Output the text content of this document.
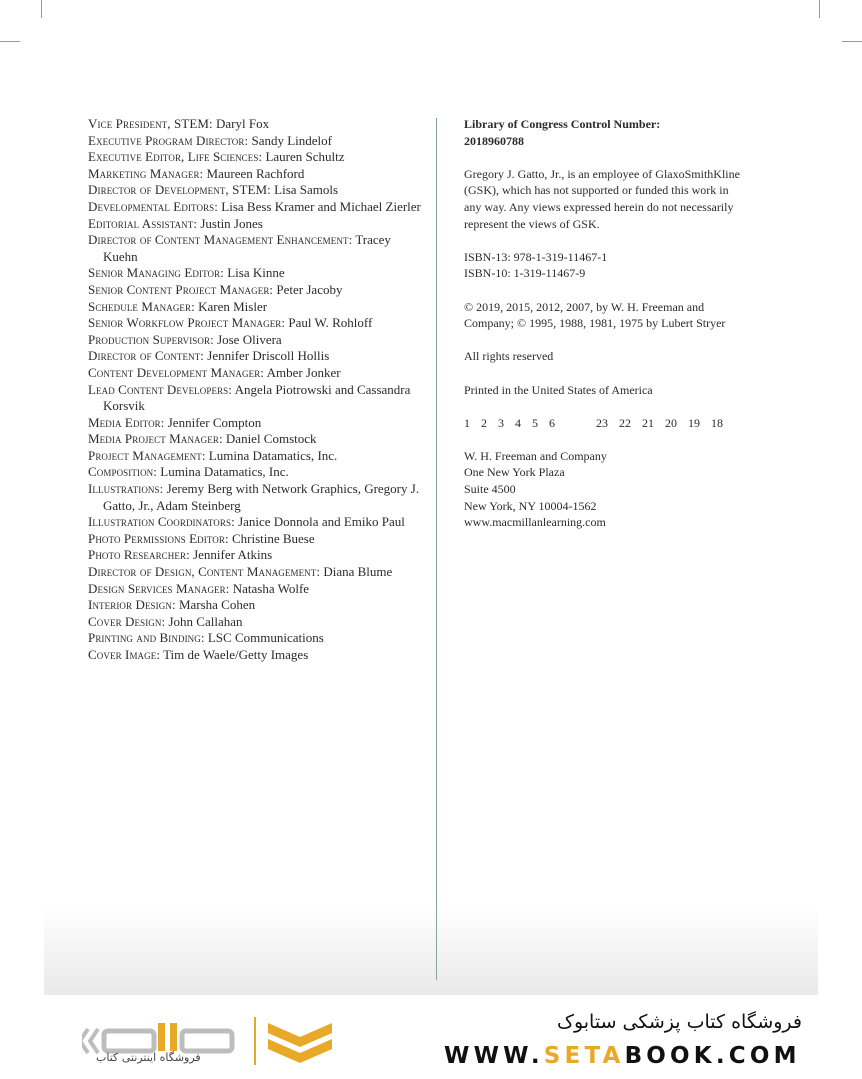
Vice President, STEM: Daryl Fox

Executive Program Director: Sandy Lindelof

Executive Editor, Life Sciences: Lauren Schultz

Marketing Manager: Maureen Rachford

Director of Development, STEM: Lisa Samols

Developmental Editors: Lisa Bess Kramer and Michael Zierler

Editorial Assistant: Justin Jones

Director of Content Management Enhancement: Tracey Kuehn

Senior Managing Editor: Lisa Kinne

Senior Content Project Manager: Peter Jacoby

Schedule Manager: Karen Misler

Senior Workflow Project Manager: Paul W. Rohloff

Production Supervisor: Jose Olivera

Director of Content: Jennifer Driscoll Hollis

Content Development Manager: Amber Jonker

Lead Content Developers: Angela Piotrowski and Cassandra Korsvik

Media Editor: Jennifer Compton

Media Project Manager: Daniel Comstock

Project Management: Lumina Datamatics, Inc.

Composition: Lumina Datamatics, Inc.

Illustrations: Jeremy Berg with Network Graphics, Gregory J. Gatto, Jr., Adam Steinberg

Illustration Coordinators: Janice Donnola and Emiko Paul

Photo Permissions Editor: Christine Buese

Photo Researcher: Jennifer Atkins

Director of Design, Content Management: Diana Blume

Design Services Manager: Natasha Wolfe

Interior Design: Marsha Cohen

Cover Design: John Callahan

Printing and Binding: LSC Communications

Cover Image: Tim de Waele/Getty Images

Library of Congress Control Number:
2018960788

Gregory J. Gatto, Jr., is an employee of GlaxoSmithKline (GSK), which has not supported or funded this work in any way. Any views expressed herein do not necessarily represent the views of GSK.

ISBN-13: 978-1-319-11467-1
ISBN-10: 1-319-11467-9

© 2019, 2015, 2012, 2007, by W. H. Freeman and Company; © 1995, 1988, 1981, 1975 by Lubert Stryer

All rights reserved

Printed in the United States of America

1 2 3 4 5 6	23 22 21 20 19 18

W. H. Freeman and Company
One New York Plaza
Suite 4500
New York, NY 10004-1562
www.macmillanlearning.com

فروشگاه اینترنتی کتاب
فروشگاه کتاب پزشکی ستابوک
WWW.SETABOOK.COM
